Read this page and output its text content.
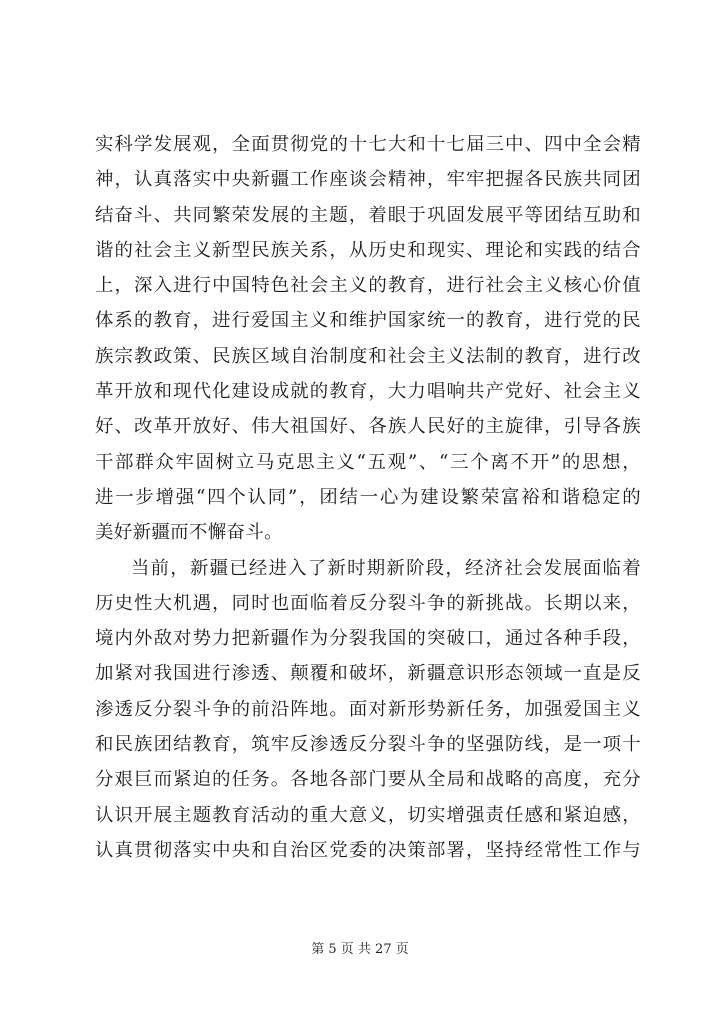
实科学发展观，全面贯彻党的十七大和十七届三中、四中全会精
神，认真落实中央新疆工作座谈会精神，牢牢把握各民族共同团
结奋斗、共同繁荣发展的主题，着眼于巩固发展平等团结互助和
谐的社会主义新型民族关系，从历史和现实、理论和实践的结合
上，深入进行中国特色社会主义的教育，进行社会主义核心价值
体系的教育，进行爱国主义和维护国家统一的教育，进行党的民
族宗教政策、民族区域自治制度和社会主义法制的教育，进行改
革开放和现代化建设成就的教育，大力唱响共产党好、社会主义
好、改革开放好、伟大祖国好、各族人民好的主旋律，引导各族
干部群众牢固树立马克思主义“五观”、“三个离不开”的思想，
进一步增强“四个认同”，团结一心为建设繁荣富裕和谐稳定的
美好新疆而不懈奋斗。
当前，新疆已经进入了新时期新阶段，经济社会发展面临着
历史性大机遇，同时也面临着反分裂斗争的新挑战。长期以来，
境内外敌对势力把新疆作为分裂我国的突破口，通过各种手段，
加紧对我国进行渗透、颠覆和破坏，新疆意识形态领域一直是反
渗透反分裂斗争的前沿阵地。面对新形势新任务，加强爱国主义
和民族团结教育，筑牢反渗透反分裂斗争的坚强防线，是一项十
分艰巨而紧迫的任务。各地各部门要从全局和战略的高度，充分
认识开展主题教育活动的重大意义，切实增强责任感和紧迫感，
认真贯彻落实中央和自治区党委的决策部署，坚持经常性工作与
第 5 页 共 27 页
